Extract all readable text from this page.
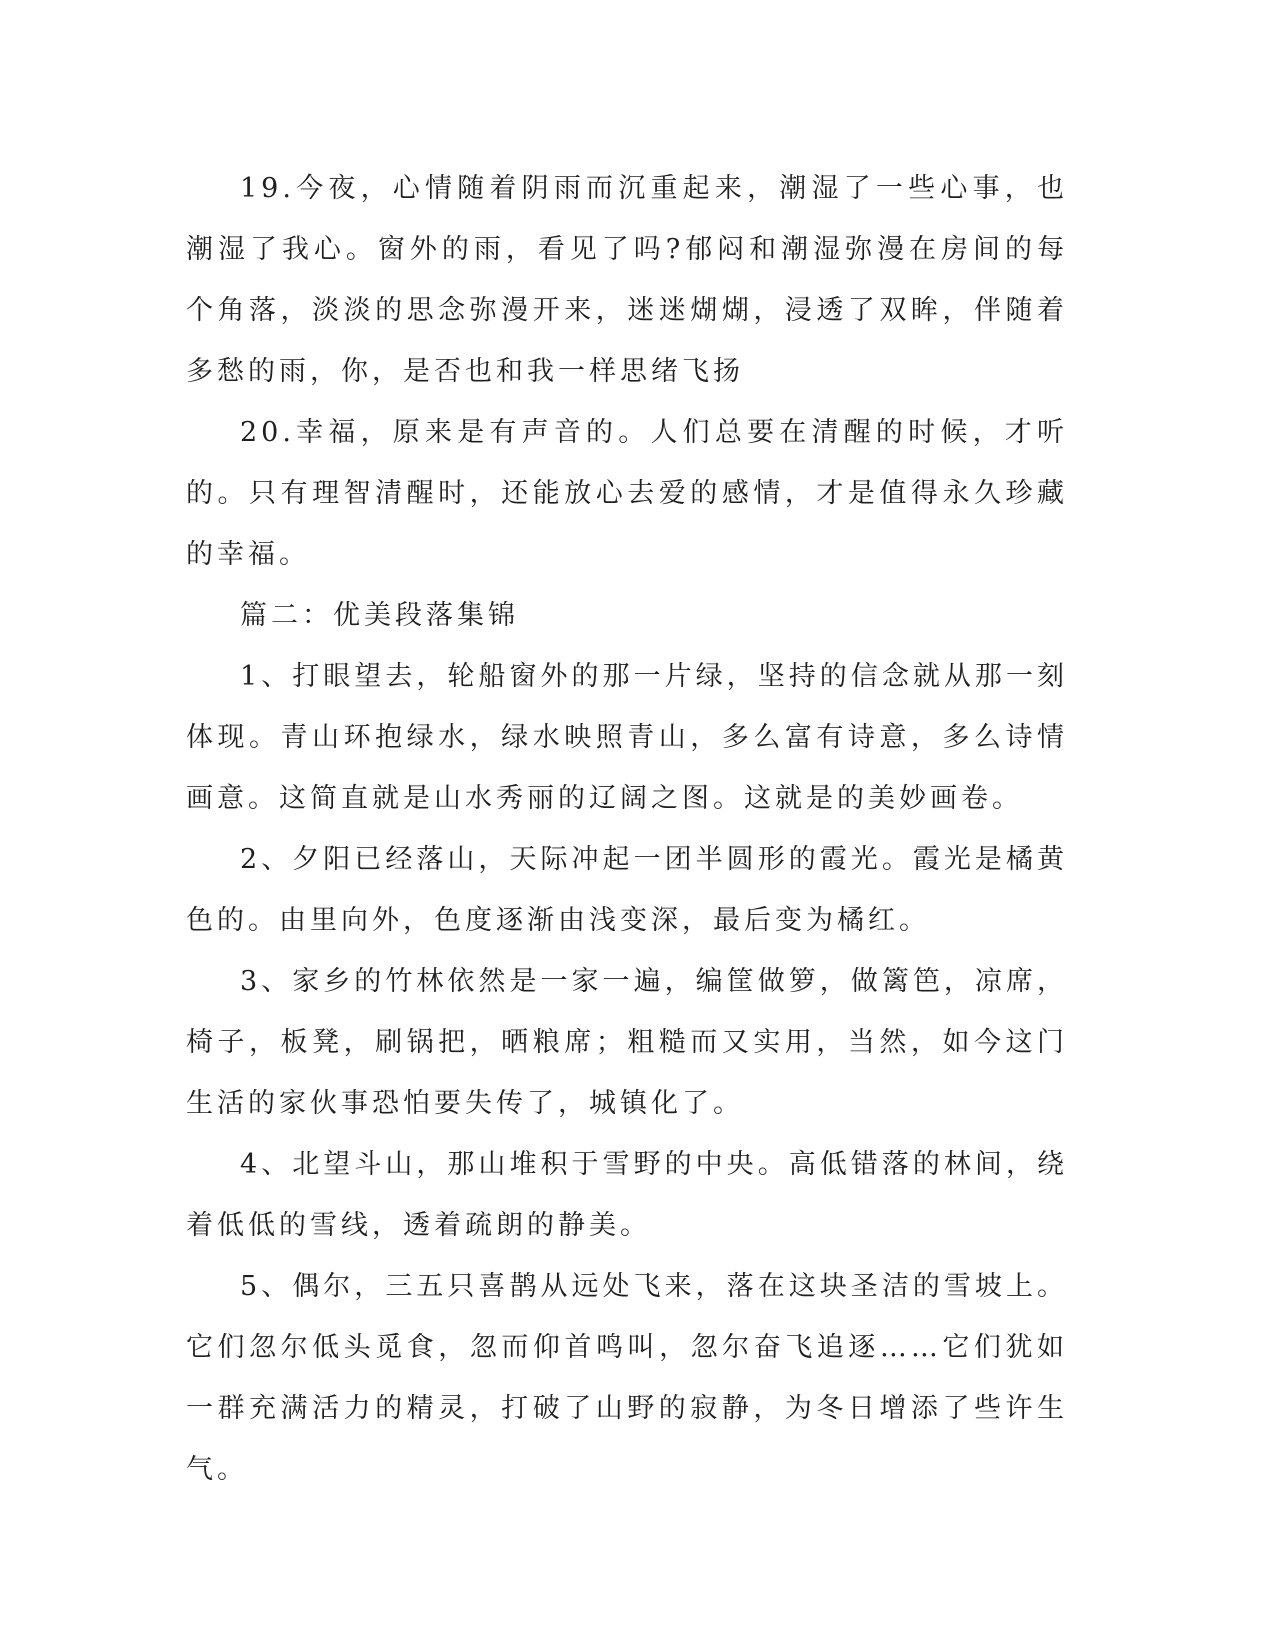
19.今夜，心情随着阴雨而沉重起来，潮湿了一些心事，也潮湿了我心。窗外的雨，看见了吗?郁闷和潮湿弥漫在房间的每个角落，淡淡的思念弥漫开来，迷迷煳煳，浸透了双眸，伴随着多愁的雨，你，是否也和我一样思绪飞扬

20.幸福，原来是有声音的。人们总要在清醒的时候，才听的。只有理智清醒时，还能放心去爱的感情，才是值得永久珍藏的幸福。

篇二：优美段落集锦

1、打眼望去，轮船窗外的那一片绿，坚持的信念就从那一刻体现。青山环抱绿水，绿水映照青山，多么富有诗意，多么诗情画意。这简直就是山水秀丽的辽阔之图。这就是的美妙画卷。

2、夕阳已经落山，天际冲起一团半圆形的霞光。霞光是橘黄色的。由里向外，色度逐渐由浅变深，最后变为橘红。

3、家乡的竹林依然是一家一遍，编筐做箩，做篱笆，凉席，椅子，板凳，刷锅把，晒粮席；粗糙而又实用，当然，如今这门生活的家伙事恐怕要失传了，城镇化了。

4、北望斗山，那山堆积于雪野的中央。高低错落的林间，绕着低低的雪线，透着疏朗的静美。

5、偶尔，三五只喜鹊从远处飞来，落在这块圣洁的雪坡上。它们忽尔低头觅食，忽而仰首鸣叫，忽尔奋飞追逐……它们犹如一群充满活力的精灵，打破了山野的寂静，为冬日增添了些许生气。
